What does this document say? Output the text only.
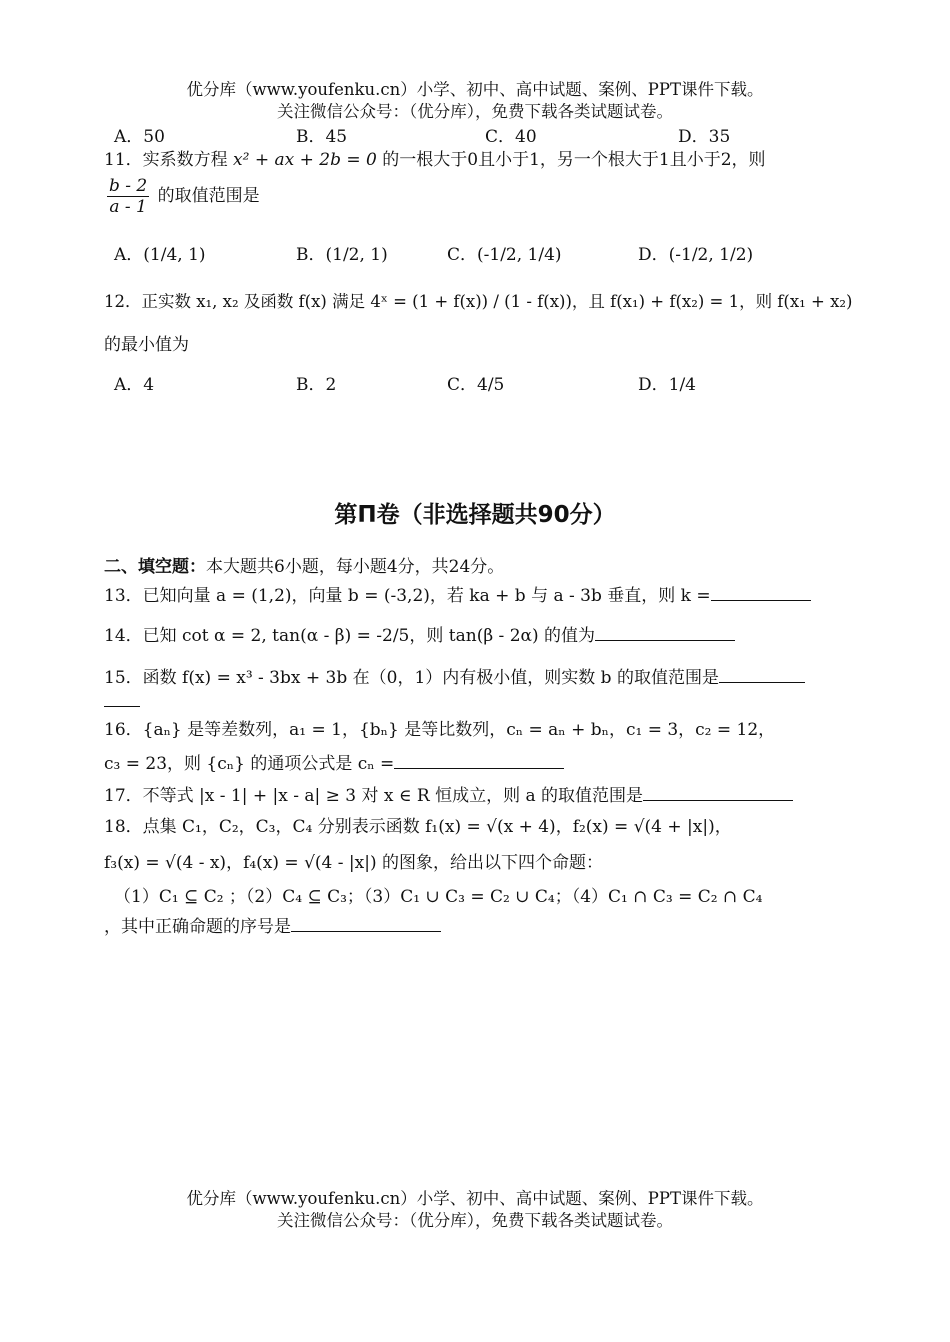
优分库（www.youfenku.cn）小学、初中、高中试题、案例、PPT课件下载。
关注微信公众号：（优分库），免费下载各类试题试卷。
A．50	B．45	C．40	D．35
11．实系数方程 x² + ax + 2b = 0 的一根大于0且小于1，另一个根大于1且小于2，则
$\frac{b - 2}{a - 1}$ 的取值范围是
A．(1/4, 1)	B．(1/2, 1)	C．(-1/2, 1/4)	D．(-1/2, 1/2)
12．正实数 x₁, x₂ 及函数 f(x) 满足 4ˣ = (1 + f(x)) / (1 - f(x))，且 f(x₁) + f(x₂) = 1，则 f(x₁ + x₂)
的最小值为
A．4	B．2	C．4/5	D．1/4
第Π卷（非选择题共90分）
二、填空题：本大题共6小题，每小题4分，共24分。
13．已知向量 a = (1,2)，向量 b = (-3,2)，若 ka + b 与 a - 3b 垂直，则 k =
14．已知 cot α = 2, tan(α - β) = -2/5，则 tan(β - 2α) 的值为
15．函数 f(x) = x³ - 3bx + 3b 在（0，1）内有极小值，则实数 b 的取值范围是
16．{aₙ} 是等差数列，a₁ = 1，{bₙ} 是等比数列，cₙ = aₙ + bₙ，c₁ = 3，c₂ = 12，
c₃ = 23，则 {cₙ} 的通项公式是 cₙ =
17．不等式 |x - 1| + |x - a| ≥ 3 对 x ∈ R 恒成立，则 a 的取值范围是
18．点集 C₁，C₂，C₃，C₄ 分别表示函数 f₁(x) = √(x + 4)，f₂(x) = √(4 + |x|)，
f₃(x) = √(4 - x)，f₄(x) = √(4 - |x|) 的图象，给出以下四个命题：
（1）C₁ ⊆ C₂ ；（2）C₄ ⊆ C₃；（3）C₁ ∪ C₃ = C₂ ∪ C₄；（4）C₁ ∩ C₃ = C₂ ∩ C₄
，其中正确命题的序号是
优分库（www.youfenku.cn）小学、初中、高中试题、案例、PPT课件下载。
关注微信公众号：（优分库），免费下载各类试题试卷。
